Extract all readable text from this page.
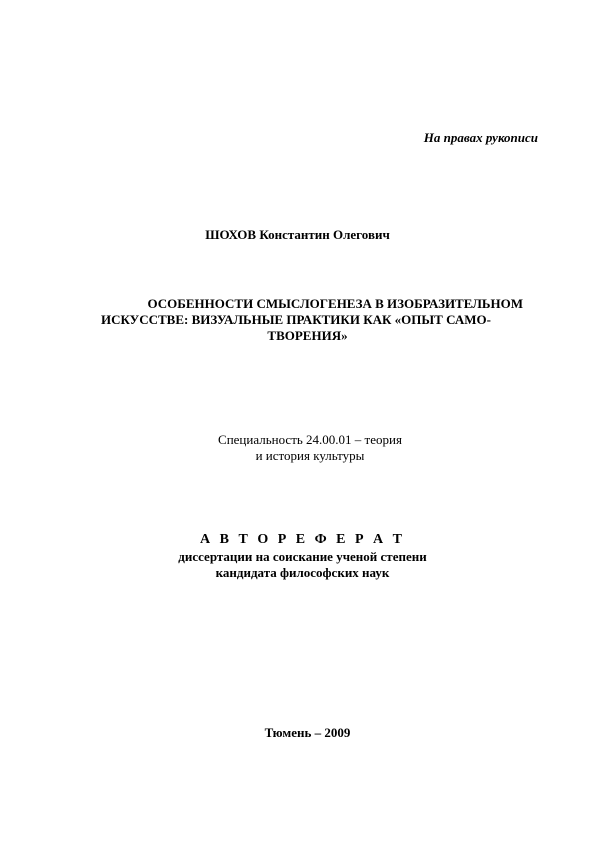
На правах рукописи
ШОХОВ Константин Олегович
ОСОБЕННОСТИ СМЫСЛОГЕНЕЗА В ИЗОБРАЗИТЕЛЬНОМ
ИСКУССТВЕ: ВИЗУАЛЬНЫЕ ПРАКТИКИ КАК «ОПЫТ САМО-
ТВОРЕНИЯ»
Специальность 24.00.01 – теория
и история культуры
А В Т О Р Е Ф Е Р А Т
диссертации на соискание ученой степени
кандидата философских наук
Тюмень – 2009
